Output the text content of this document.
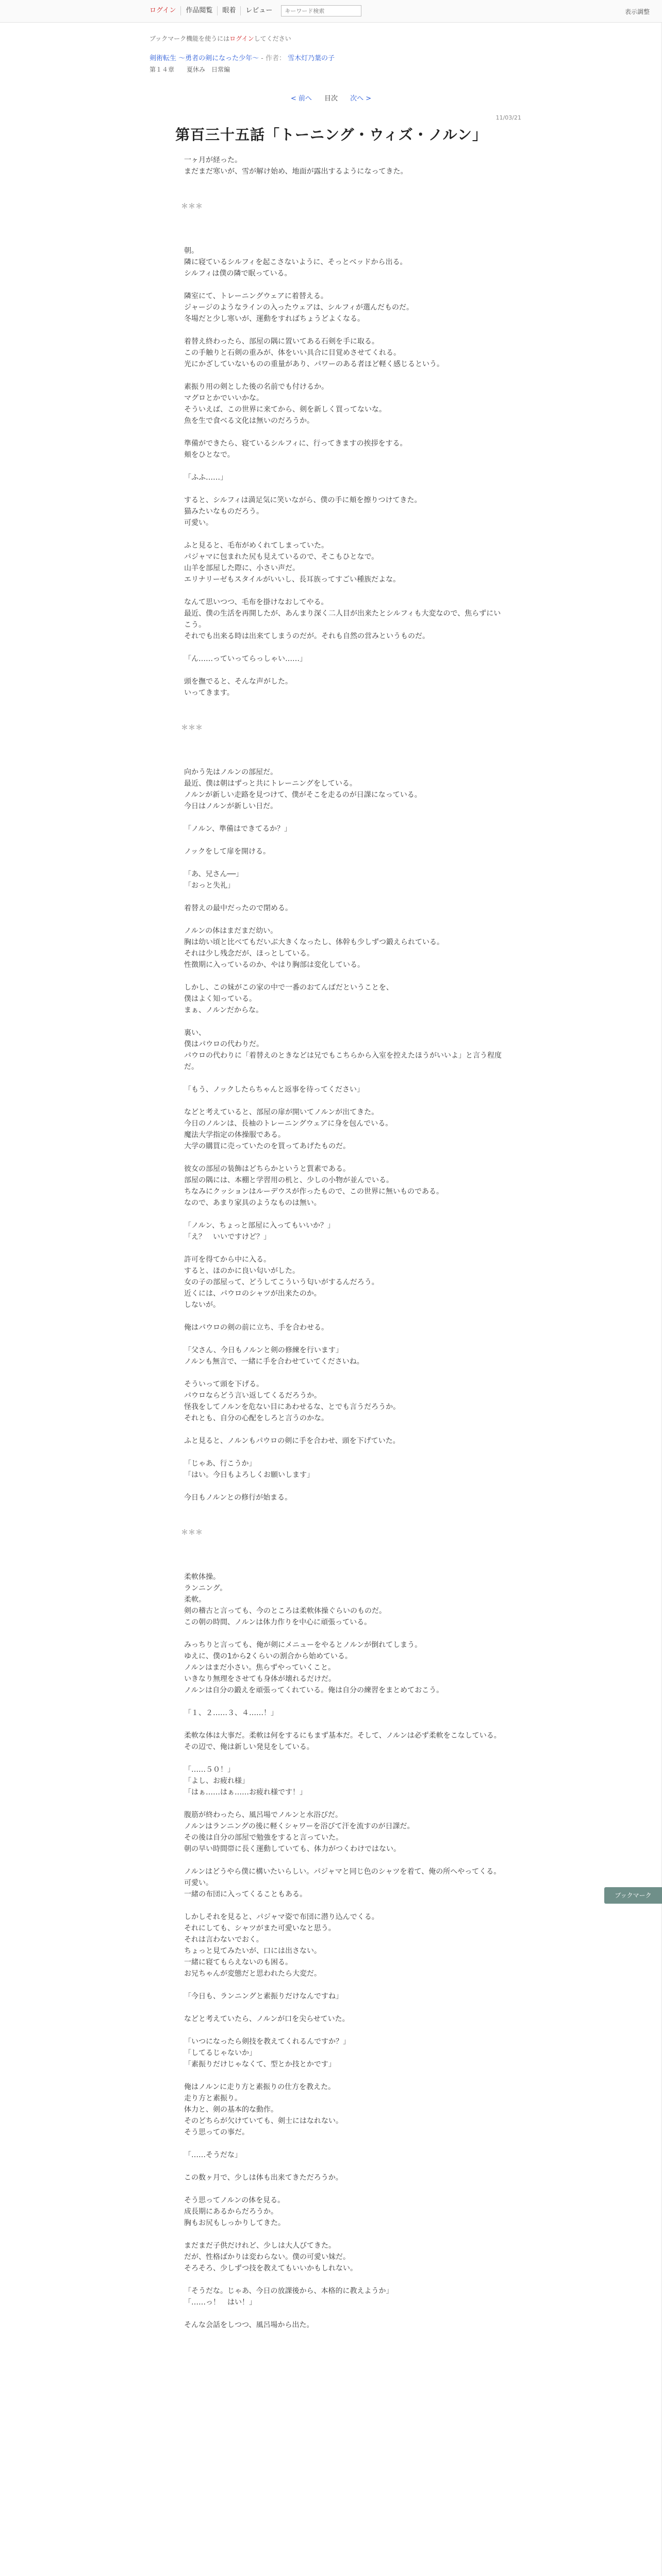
ログイン	作品閲覧	眼着	レビュー
キーワード検索	表示調整
ブックマーク機能を使うにはログインしてください
剣術転生 〜勇者の剣になった少年〜 - 作者： 雪木灯乃葉の子
第１４章　　夏休み　日常編
< 前へ 目次 次へ >
11/03/21
第百三十五話「トーニング・ウィズ・ノルン」

一ヶ月が経った。
まだまだ寒いが、雪が解け始め、地面が露出するようになってきた。

＊＊＊

朝。
隣に寝ているシルフィを起こさないように、そっとベッドから出る。
シルフィは僕の隣で眠っている。

隣室にて、トレーニングウェアに着替える。
ジャージのようなラインの入ったウェアは、シルフィが選んだものだ。
冬場だと少し寒いが、運動をすればちょうどよくなる。

着替え終わったら、部屋の隅に置いてある石剣を手に取る。
この手触りと石剣の重みが、体をいい具合に目覚めさせてくれる。
光にかざしていないものの重量があり、パワーのある者ほど軽く感じるという。

素振り用の剣とした後の名前でも付けるか。
マグロとかでいいかな。
そういえば、この世界に来てから、剣を新しく買ってないな。
魚を生で食べる文化は無いのだろうか。

準備ができたら、寝ているシルフィに、行ってきますの挨拶をする。
頬をひとなで。

「ふふ……」

すると、シルフィは満足気に笑いながら、僕の手に頬を擦りつけてきた。
猫みたいなものだろう。
可愛い。

ふと見ると、毛布がめくれてしまっていた。
パジャマに包まれた尻も見えているので、そこもひとなで。
山羊を部屋した際に、小さい声だ。
エリナリーゼもスタイルがいいし、長耳族ってすごい種族だよな。

なんて思いつつ、毛布を掛けなおしてやる。
最近、僕の生活を再開したが、あんまり深く二人目が出来たとシルフィも大変なので、焦らずにいこう。
それでも出来る時は出来てしまうのだが。それも自然の営みというものだ。

「ん……っていってらっしゃい……」

頭を撫でると、そんな声がした。
いってきます。

＊＊＊

向かう先はノルンの部屋だ。
最近、僕は朝はずっと共にトレーニングをしている。
ノルンが新しい走路を見つけて、僕がそこを走るのが日課になっている。
今日はノルンが新しい日だ。

「ノルン、準備はできてるか？」

ノックをして扉を開ける。

「あ、兄さん──」
「おっと失礼」

着替えの最中だったので閉める。

ノルンの体はまだまだ幼い。
胸は幼い頃と比べてもだいぶ大きくなったし、体幹も少しずつ鍛えられている。
それは少し残念だが、ほっとしている。
性徴期に入っているのか、やはり胸部は変化している。

しかし、この妹がこの家の中で一番のおてんばだということを、
僕はよく知っている。
まぁ、ノルンだからな。

裏い、
僕はパウロの代わりだ。
パウロの代わりに「着替えのときなどは兄でもこちらから入室を控えたほうがいいよ」と言う程度だ。

「もう、ノックしたらちゃんと返事を待ってください」

などと考えていると、部屋の扉が開いてノルンが出てきた。
今日のノルンは、長袖のトレーニングウェアに身を包んでいる。
魔法大学指定の体操服である。
大学の購買に売っていたのを買ってあげたものだ。

彼女の部屋の装飾はどちらかというと質素である。
部屋の隅には、本棚と学習用の机と、少しの小物が並んでいる。
ちなみにクッションはルーデウスが作ったもので、この世界に無いものである。
なので、あまり家具のようなものは無い。

「ノルン、ちょっと部屋に入ってもいいか？」
「え？　いいですけど？」

許可を得てから中に入る。
すると、ほのかに良い匂いがした。
女の子の部屋って、どうしてこういう匂いがするんだろう。
近くには、パウロのシャツが出来たのか。
しないが。

俺はパウロの剣の前に立ち、手を合わせる。

「父さん、今日もノルンと剣の修練を行います」
ノルンも無言で、一緒に手を合わせていてくださいね。

そういって頭を下げる。
パウロならどう言い返してくるだろうか。
怪我をしてノルンを危ない目にあわせるな、とでも言うだろうか。
それとも、自分の心配をしろと言うのかな。

ふと見ると、ノルンもパウロの剣に手を合わせ、頭を下げていた。

「じゃあ、行こうか」
「はい。今日もよろしくお願いします」

今日もノルンとの修行が始まる。

＊＊＊

柔軟体操。
ランニング。
柔軟。
剣の稽古と言っても、今のところは柔軟体操ぐらいのものだ。
この朝の時間、ノルンは体力作りを中心に頑張っている。

みっちりと言っても、俺が剣にメニューをやるとノルンが倒れてしまう。
ゆえに、僕の1から2くらいの割合から始めている。
ノルンはまだ小さい。焦らずやっていくこと。
いきなり無理をさせても身体が壊れるだけだ。
ノルンは自分の鍛えを頑張ってくれている。俺は自分の練習をまとめておこう。

「１、２……３、４……！」

柔軟な体は大事だ。柔軟は何をするにもまず基本だ。そして、ノルンは必ず柔軟をこなしている。
その辺で、俺は新しい発見をしている。

「……５０！」
「よし、お疲れ様」
「はぁ……はぁ……お疲れ様です！」

腹筋が終わったら、風呂場でノルンと水浴びだ。
ノルンはランニングの後に軽くシャワーを浴びて汗を流すのが日課だ。
その後は自分の部屋で勉強をすると言っていた。
朝の早い時間帯に長く運動していても、体力がつくわけではない。

ノルンはどうやら僕に構いたいらしい。パジャマと同じ色のシャツを着て、俺の所へやってくる。
可愛い。
一緒の布団に入ってくることもある。

しかしそれを見ると、パジャマ姿で布団に潜り込んでくる。
それにしても、シャツがまた可愛いなと思う。
それは言わないでおく。
ちょっと見てみたいが、口には出さない。
一緒に寝てもらえないのも困る。
お兄ちゃんが変態だと思われたら大変だ。

「今日も、ランニングと素振りだけなんですね」

などと考えていたら、ノルンが口を尖らせていた。

「いつになったら剣技を教えてくれるんですか？」
「してるじゃないか」
「素振りだけじゃなくて、型とか技とかです」

俺はノルンに走り方と素振りの仕方を教えた。
走り方と素振り。
体力と、剣の基本的な動作。
そのどちらが欠けていても、剣士にはなれない。
そう思っての事だ。

「……そうだな」

この数ヶ月で、少しは体も出来てきただろうか。

そう思ってノルンの体を見る。
成長期にあるからだろうか。
胸もお尻もしっかりしてきた。

まだまだ子供だけれど、少しは大人びてきた。
だが、性格ばかりは変わらない。僕の可愛い妹だ。
そろそろ、少しずつ技を教えてもいいかもしれない。

「そうだな。じゃあ、今日の放課後から、本格的に教えようか」
「……っ！　はい！」

そんな会話をしつつ、風呂場から出た。

ブックマーク
